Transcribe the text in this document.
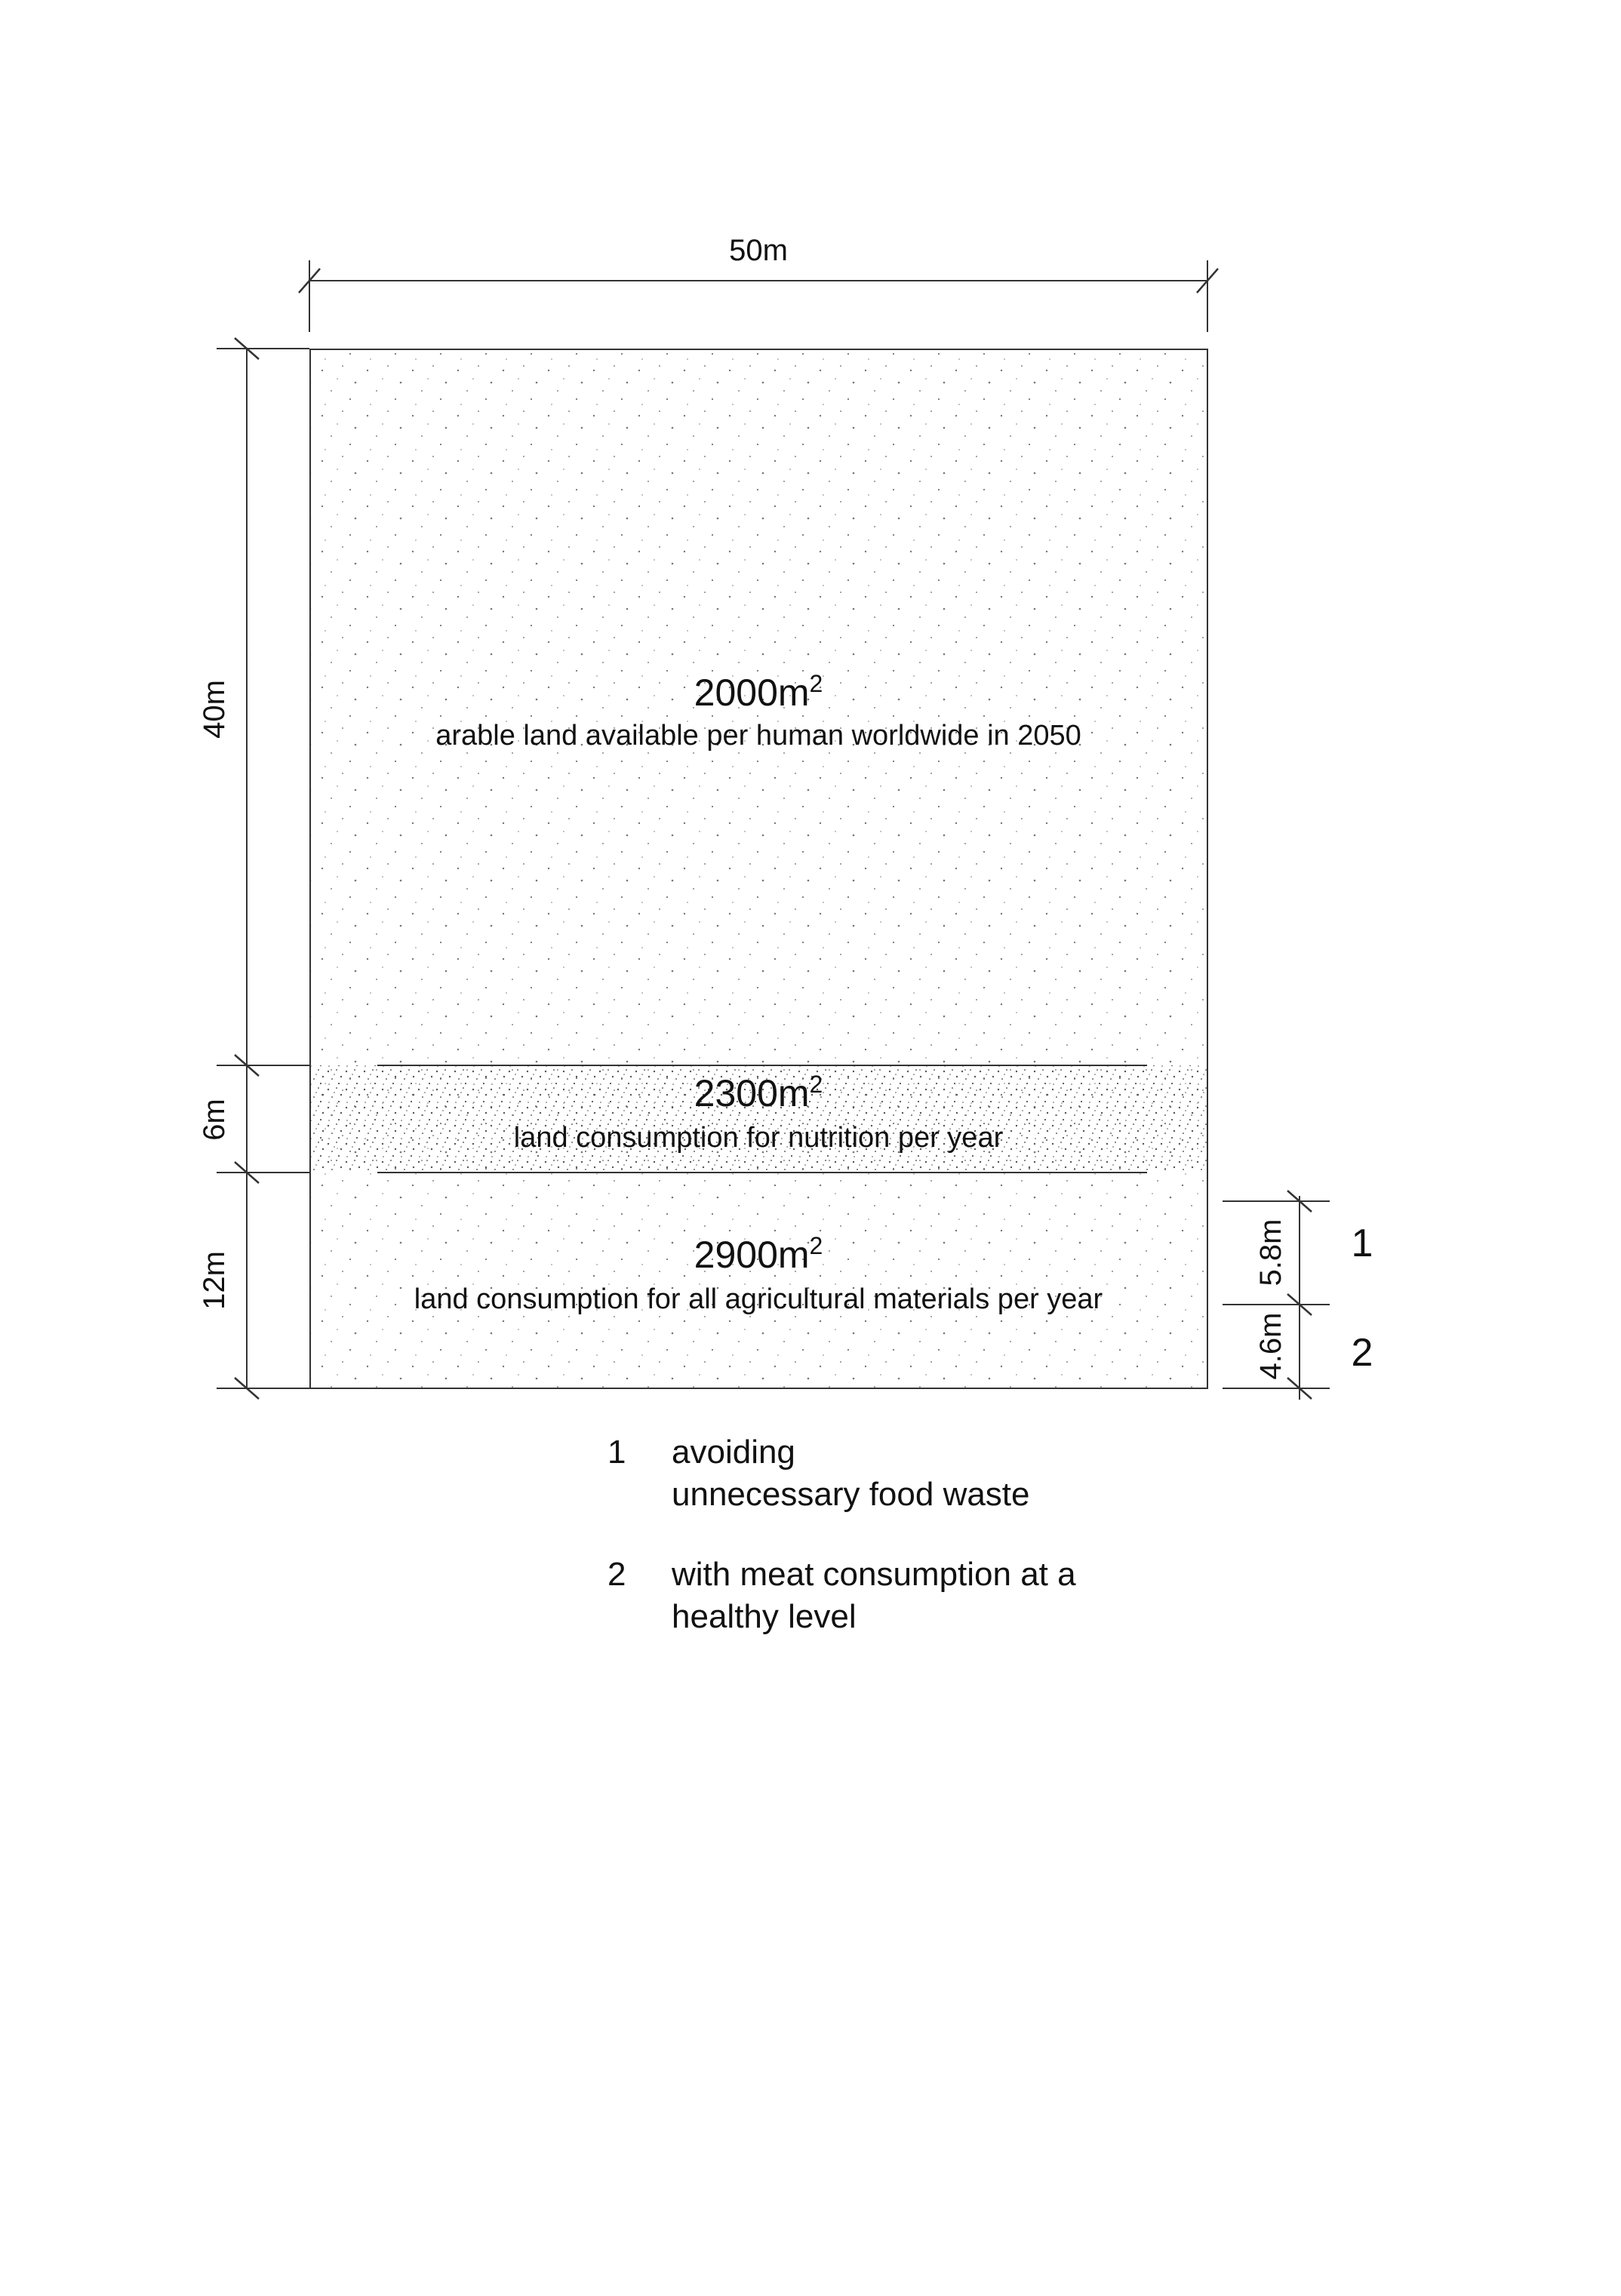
50m
40m
6m
12m
$2000m^2$
arable land available per human worldwide in 2050
$2300m^2$
land consumption for nutrition per year
$2900m^2$
land consumption for all agricultural materials per year
5.8m
4.6m
1
2
1 avoiding
unnecessary food waste
2 with meat consumption at a
healthy level
